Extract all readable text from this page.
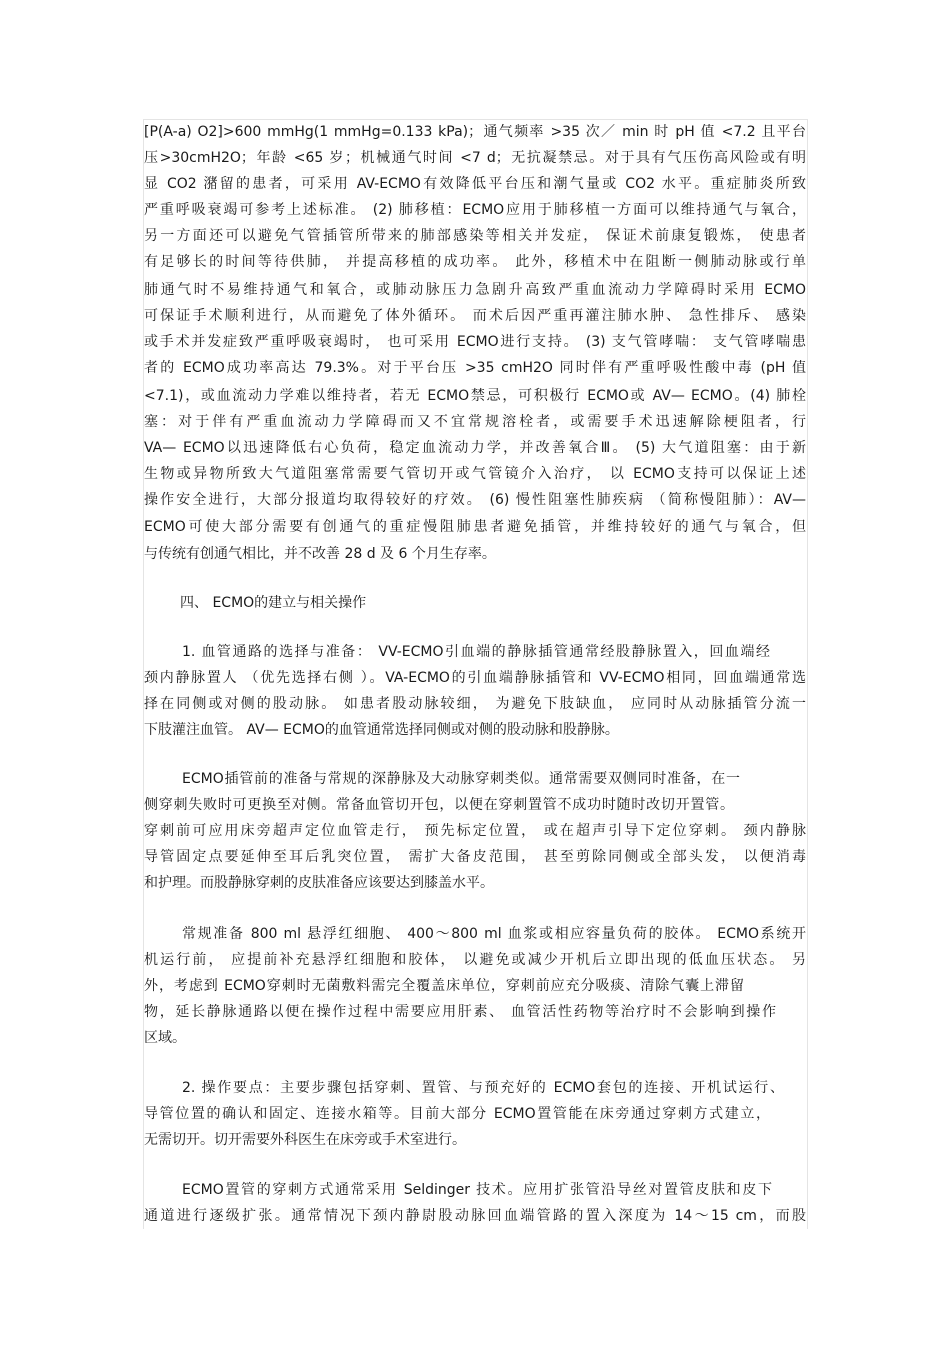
[P(A-a) O2]>600 mmHg(1 mmHg=0.133 kPa)；通气频率 >35 次／ min 时 pH 值 <7.2 且平台
压>30cmH2O；年龄 <65 岁；机械通气时间 <7 d；无抗凝禁忌。对于具有气压伤高风险或有明
显 CO2 潴留的患者，可采用 AV-ECMO有效降低平台压和潮气量或 CO2 水平。重症肺炎所致
严重呼吸衰竭可参考上述标准。 (2) 肺移植：ECMO应用于肺移植一方面可以维持通气与氧合，
另一方面还可以避免气管插管所带来的肺部感染等相关并发症， 保证术前康复锻炼， 使患者
有足够长的时间等待供肺， 并提高移植的成功率。 此外，移植术中在阻断一侧肺动脉或行单
肺通气时不易维持通气和氧合，或肺动脉压力急剧升高致严重血流动力学障碍时采用 ECMO
可保证手术顺利进行，从而避免了体外循环。 而术后因严重再灌注肺水肿、 急性排斥、 感染
或手术并发症致严重呼吸衰竭时， 也可采用 ECMO进行支持。 (3) 支气管哮喘： 支气管哮喘患
者的 ECMO成功率高达 79.3%。对于平台压 >35 cmH2O 同时伴有严重呼吸性酸中毒 (pH 值
<7.1)，或血流动力学难以维持者，若无 ECMO禁忌，可积极行 ECMO或 AV— ECMO。(4) 肺栓
塞：对于伴有严重血流动力学障碍而又不宜常规溶栓者，或需要手术迅速解除梗阻者，行
VA— ECMO以迅速降低右心负荷，稳定血流动力学，并改善氧合Ⅲ。 (5) 大气道阻塞：由于新
生物或异物所致大气道阻塞常需要气管切开或气管镜介入治疗， 以 ECMO支持可以保证上述
操作安全进行，大部分报道均取得较好的疗效。 (6) 慢性阻塞性肺疾病 （简称慢阻肺）：AV—
ECMO可使大部分需要有创通气的重症慢阻肺患者避免插管，并维持较好的通气与氧合，但
与传统有创通气相比，并不改善 28 d 及 6 个月生存率。
四、 ECMO的建立与相关操作
1. 血管通路的选择与准备： VV-ECMO引血端的静脉插管通常经股静脉置入，回血端经
颈内静脉置人 （优先选择右侧 ）。VA-ECMO的引血端静脉插管和 VV-ECMO相同，回血端通常选
择在同侧或对侧的股动脉。 如患者股动脉较细， 为避免下肢缺血， 应同时从动脉插管分流一
下肢灌注血管。 AV— ECMO的血管通常选择同侧或对侧的股动脉和股静脉。
ECMO插管前的准备与常规的深静脉及大动脉穿刺类似。通常需要双侧同时准备，在一
侧穿刺失败时可更换至对侧。常备血管切开包，以便在穿刺置管不成功时随时改切开置管。
穿刺前可应用床旁超声定位血管走行， 预先标定位置， 或在超声引导下定位穿刺。 颈内静脉
导管固定点要延伸至耳后乳突位置， 需扩大备皮范围， 甚至剪除同侧或全部头发， 以便消毒
和护理。而股静脉穿刺的皮肤准备应该要达到膝盖水平。
常规准备 800 ml 悬浮红细胞、 400～800 ml 血浆或相应容量负荷的胶体。 ECMO系统开
机运行前， 应提前补充悬浮红细胞和胶体， 以避免或减少开机后立即出现的低血压状态。 另
外，考虑到 ECMO穿刺时无菌敷料需完全覆盖床单位，穿刺前应充分吸痰、清除气囊上滞留
物，延长静脉通路以便在操作过程中需要应用肝素、 血管活性药物等治疗时不会影响到操作
区域。
2. 操作要点：主要步骤包括穿刺、置管、与预充好的 ECMO套包的连接、开机试运行、
导管位置的确认和固定、连接水箱等。目前大部分 ECMO置管能在床旁通过穿刺方式建立，
无需切开。切开需要外科医生在床旁或手术室进行。
ECMO置管的穿刺方式通常采用 Seldinger 技术。应用扩张管沿导丝对置管皮肤和皮下
通道进行逐级扩张。通常情况下颈内静尉股动脉回血端管路的置入深度为 14～15 cm，而股
